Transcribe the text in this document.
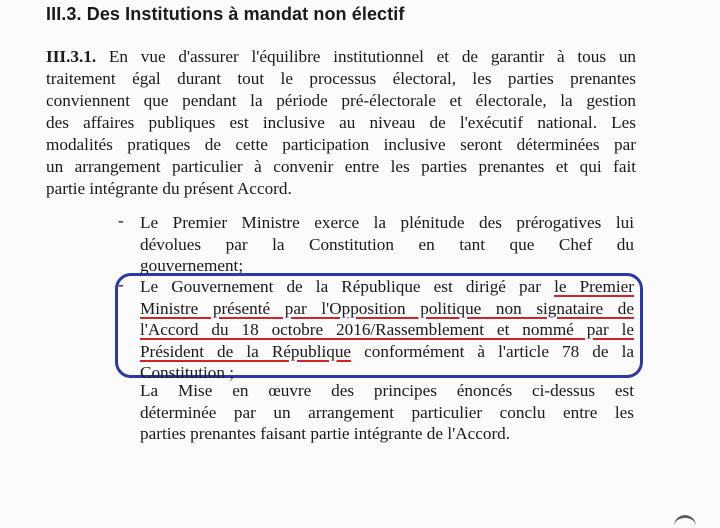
III.3. Des Institutions à mandat non électif
III.3.1. En vue d'assurer l'équilibre institutionnel et de garantir à tous un
traitement égal durant tout le processus électoral, les parties prenantes
conviennent que pendant la période pré-électorale et électorale, la gestion
des affaires publiques est inclusive au niveau de l'exécutif national. Les
modalités pratiques de cette participation inclusive seront déterminées par
un arrangement particulier à convenir entre les parties prenantes et qui fait
partie intégrante du présent Accord.
- Le Premier Ministre exerce la plénitude des prérogatives lui
dévolues par la Constitution en tant que Chef du
gouvernement;
- Le Gouvernement de la République est dirigé par le Premier
Ministre présenté par l'Opposition politique non signataire de
l'Accord du 18 octobre 2016/Rassemblement et nommé par le
Président de la République conformément à l'article 78 de la
Constitution ;
La Mise en œuvre des principes énoncés ci-dessus est
déterminée par un arrangement particulier conclu entre les
parties prenantes faisant partie intégrante de l'Accord.
